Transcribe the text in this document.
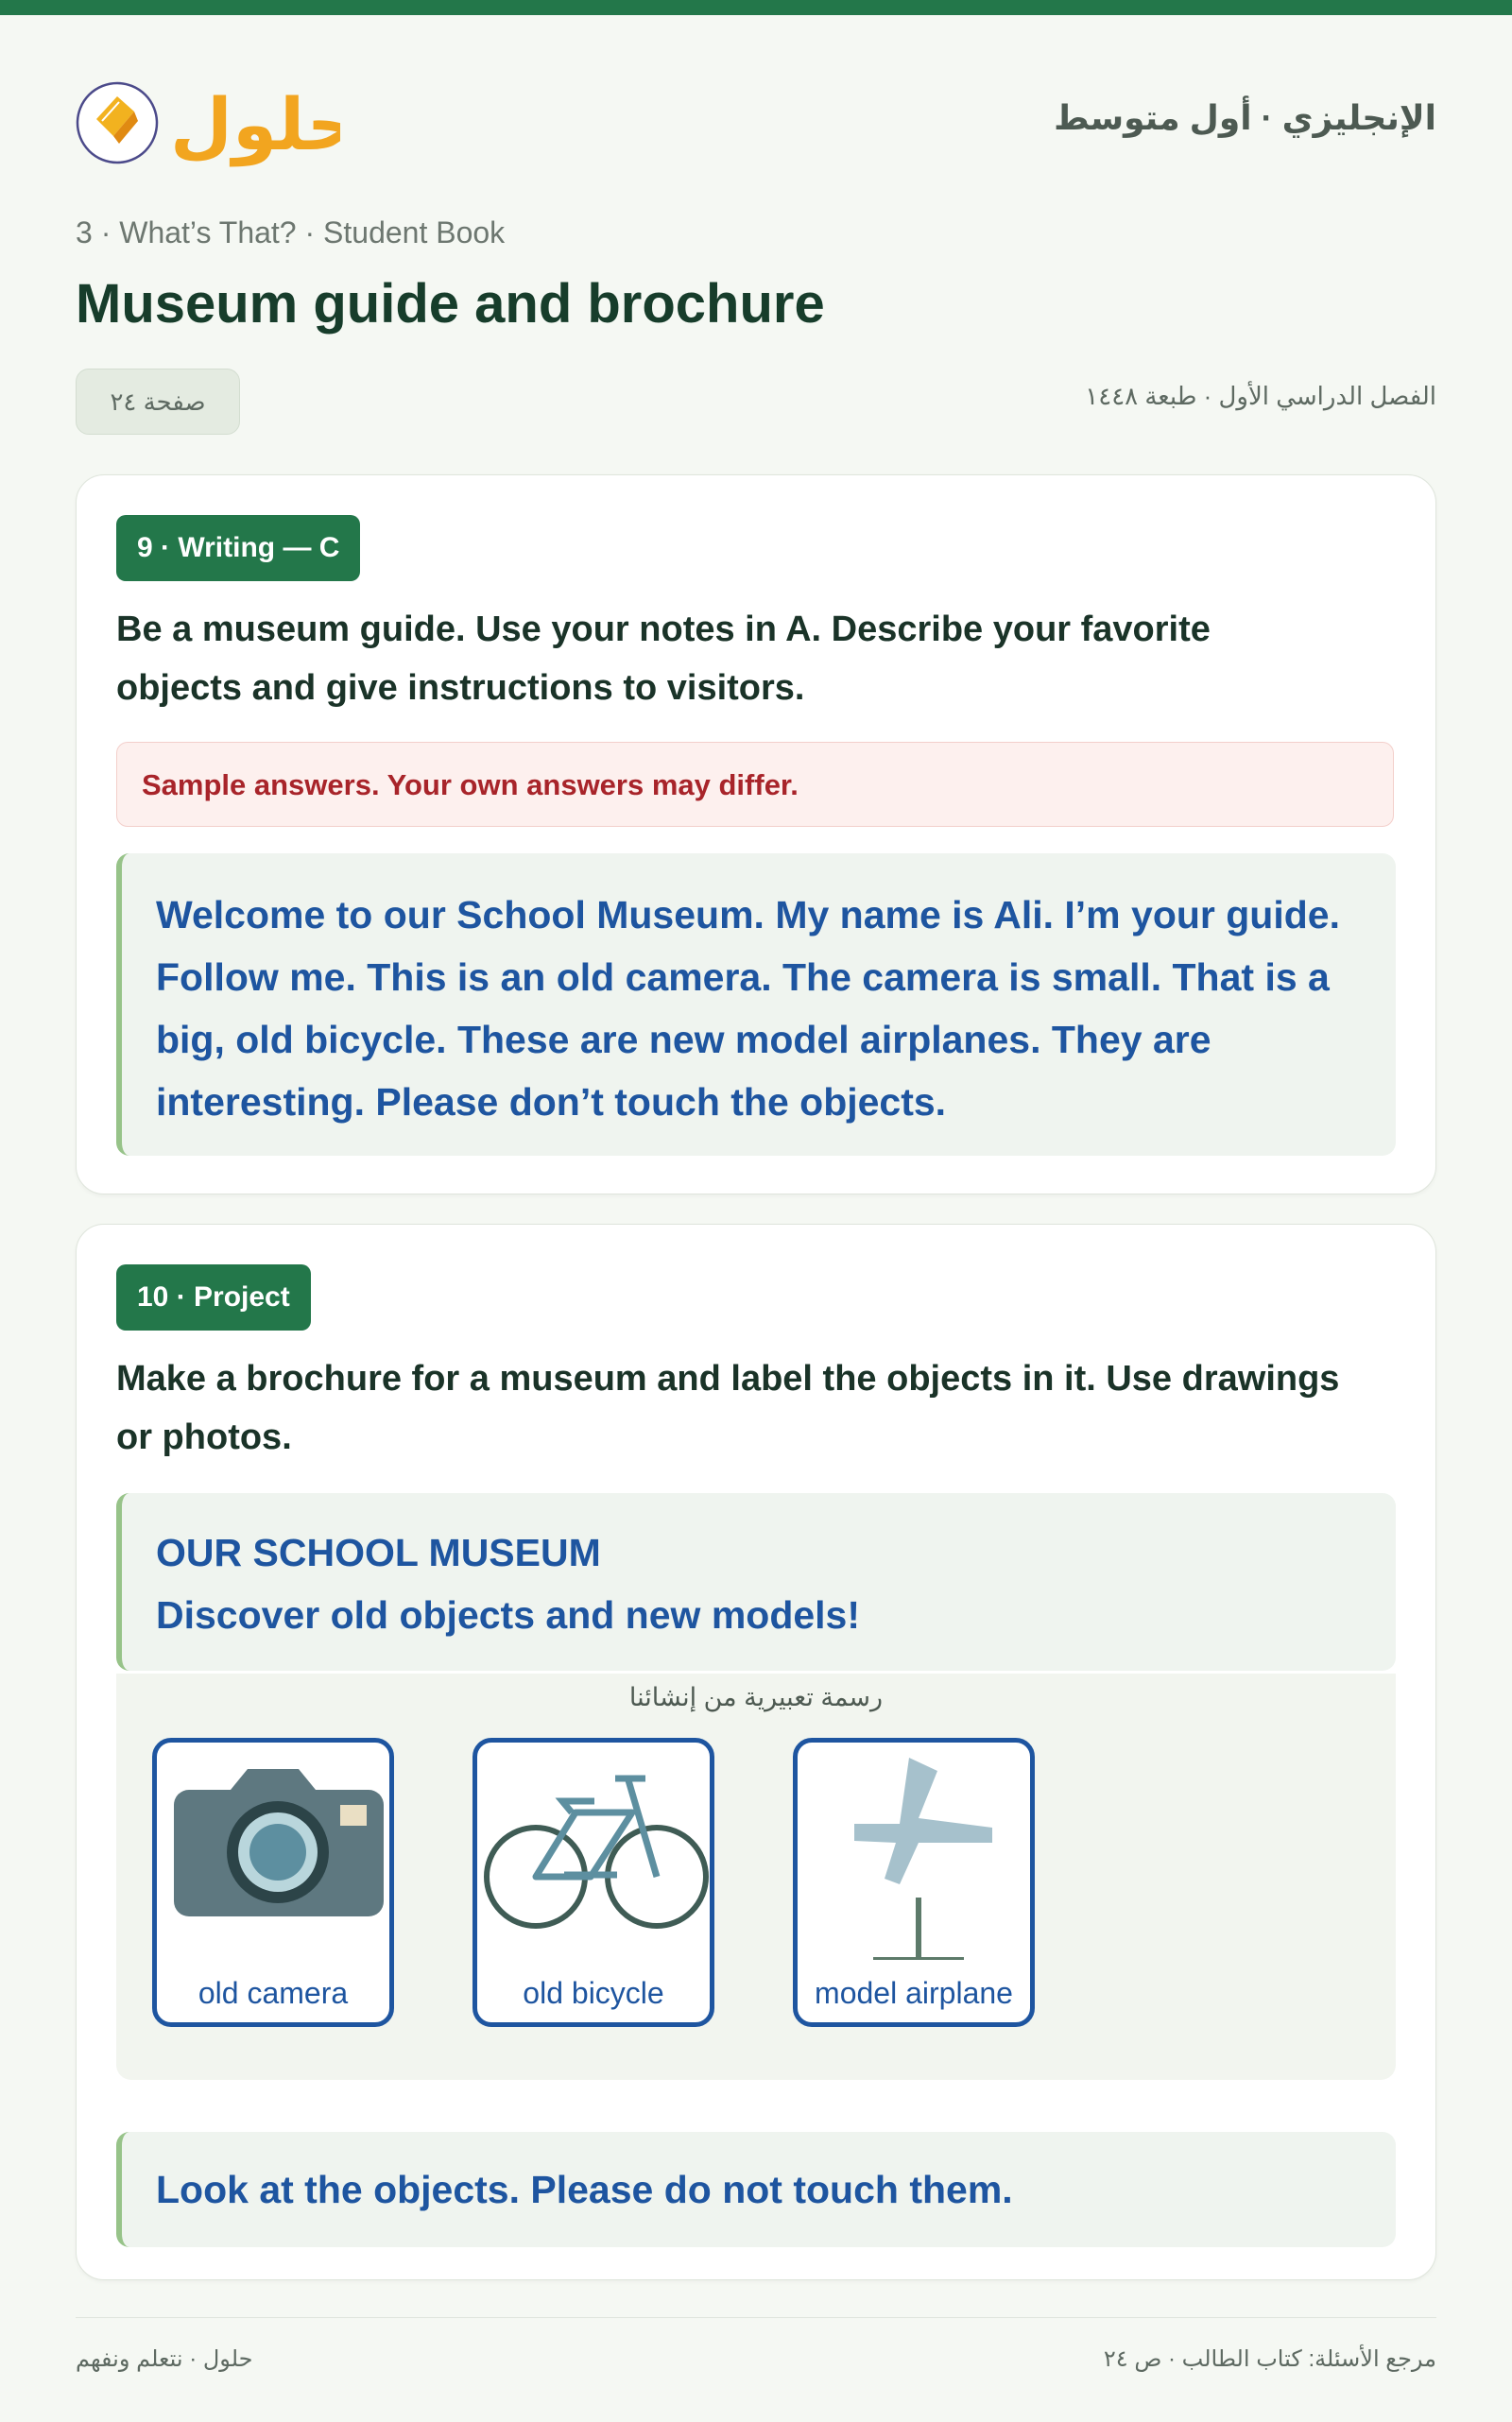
حلول	الإنجليزي · أول متوسط
3 · What’s That? · Student Book
Museum guide and brochure
صفحة ٢٤	الفصل الدراسي الأول · طبعة ١٤٤٨
9 · Writing — C

Be a museum guide. Use your notes in A. Describe your favorite objects and give instructions to visitors.

Sample answers. Your own answers may differ.
Welcome to our School Museum. My name is Ali. I’m your guide. Follow me. This is an old camera. The camera is small. That is a big, old bicycle. These are new model airplanes. They are interesting. Please don’t touch the objects.
10 · Project

Make a brochure for a museum and label the objects in it. Use drawings or photos.

OUR SCHOOL MUSEUM
Discover old objects and new models!
رسمة تعبيرية من إنشائنا
old camera	old bicycle	model airplane
Look at the objects. Please do not touch them.
حلول · نتعلم ونفهم	مرجع الأسئلة: كتاب الطالب · ص ٢٤
